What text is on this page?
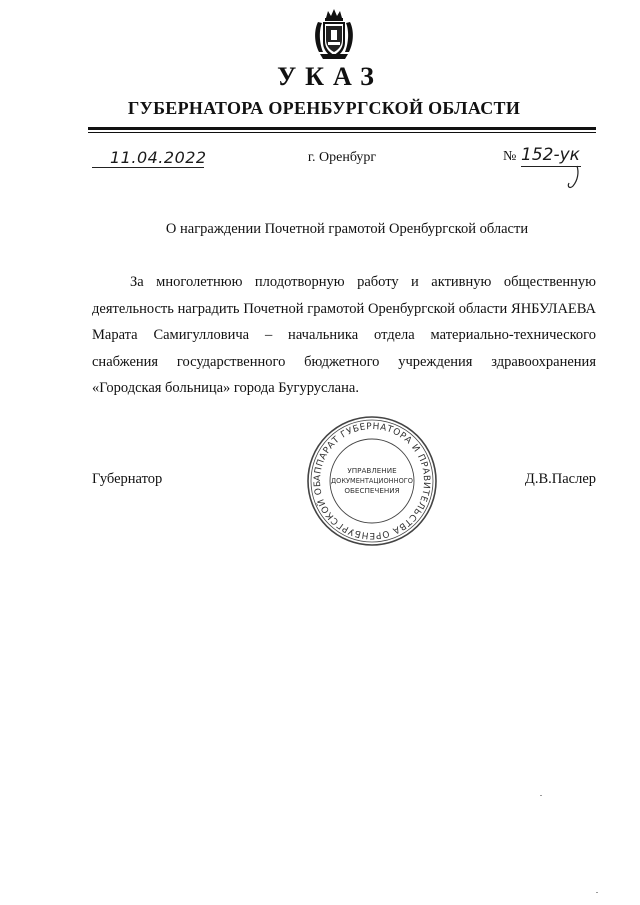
УКАЗ
ГУБЕРНАТОРА ОРЕНБУРГСКОЙ ОБЛАСТИ
11.04.2022	г. Оренбург	№ 152-ук
О награждении Почетной грамотой Оренбургской области
За многолетнюю плодотворную работу и активную общественную деятельность наградить Почетной грамотой Оренбургской области ЯНБУЛАЕВА Марата Самигулловича – начальника отдела материально-технического снабжения государственного бюджетного учреждения здравоохранения «Городская больница» города Бугуруслана.
Губернатор	Д.В.Паслер
АППАРАТ ГУБЕРНАТОРА И ПРАВИТЕЛЬСТВА ОРЕНБУРГСКОЙ ОБ
УПРАВЛЕНИЕ
ДОКУМЕНТАЦИОННОГО
ОБЕСПЕЧЕНИЯ
